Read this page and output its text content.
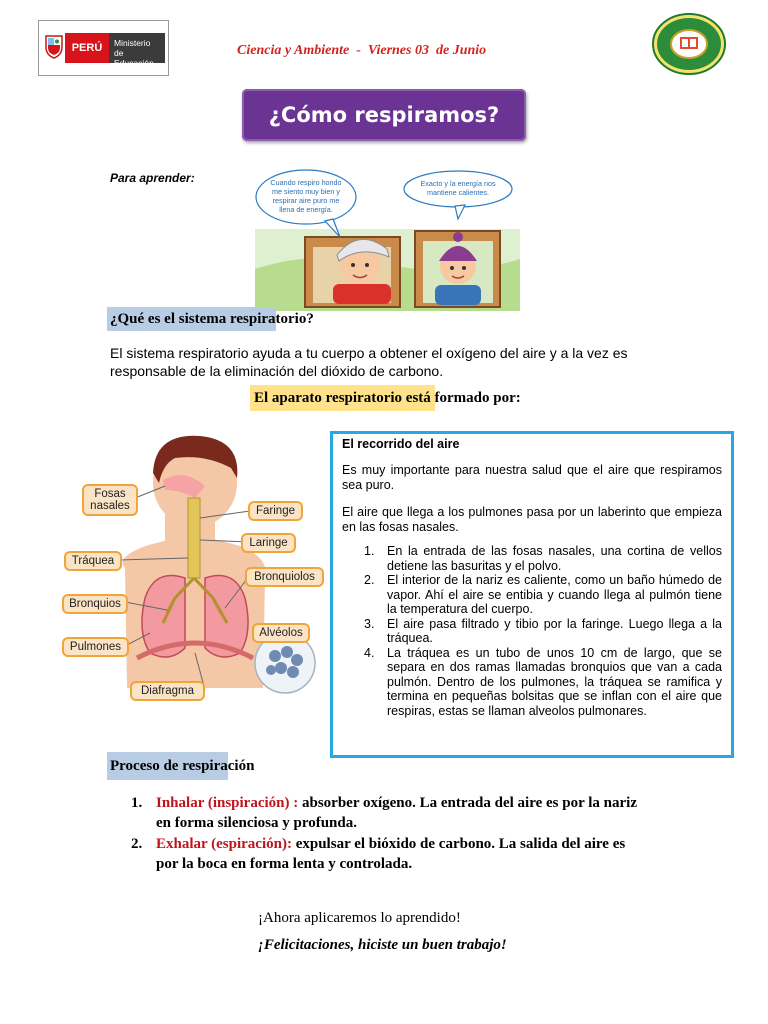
PERÚ	Ministerio
de Educación
Ciencia y Ambiente  -  Viernes 03  de Junio
¿Cómo respiramos?
Para aprender:	Cuando respiro hondo
me siento muy bien y
respirar aire puro me
llena de energía.
Exacto y la energía nos
mantiene calientes.
¿Qué es el sistema respiratorio?
El sistema respiratorio ayuda a tu cuerpo a obtener el oxígeno del aire y a la vez es responsable de la eliminación del dióxido de carbono.
El aparato respiratorio está formado por:
Fosas nasales	Faringe
Laringe
Tráquea
Bronquiolos
Bronquios
Alvéolos
Pulmones
Diafragma
El recorrido del aire
Es muy importante para nuestra salud que el aire que respiramos sea puro.
El aire que llega a los pulmones pasa por un laberinto que empieza en las fosas nasales.
1. En la entrada de las fosas nasales, una cortina de vellos detiene las basuritas y el polvo.
2. El interior de la nariz es caliente, como un baño húmedo de vapor. Ahí el aire se entibia y cuando llega al pulmón tiene la temperatura del cuerpo.
3. El aire pasa filtrado y tibio por la faringe. Luego llega a la tráquea.
4. La tráquea es un tubo de unos 10 cm de largo, que se separa en dos ramas llamadas bronquios que van a cada pulmón. Dentro de los pulmones, la tráquea se ramifica y termina en pequeñas bolsitas que se inflan con el aire que respiras, estas se llaman alveolos pulmonares.
Proceso de respiración
1. Inhalar (inspiración) : absorber oxígeno. La entrada del aire es por la nariz en forma silenciosa y profunda.
2. Exhalar (espiración): expulsar el bióxido de carbono. La salida del aire es por la boca en forma lenta y controlada.
¡Ahora aplicaremos lo aprendido!
¡Felicitaciones, hiciste un buen trabajo!
